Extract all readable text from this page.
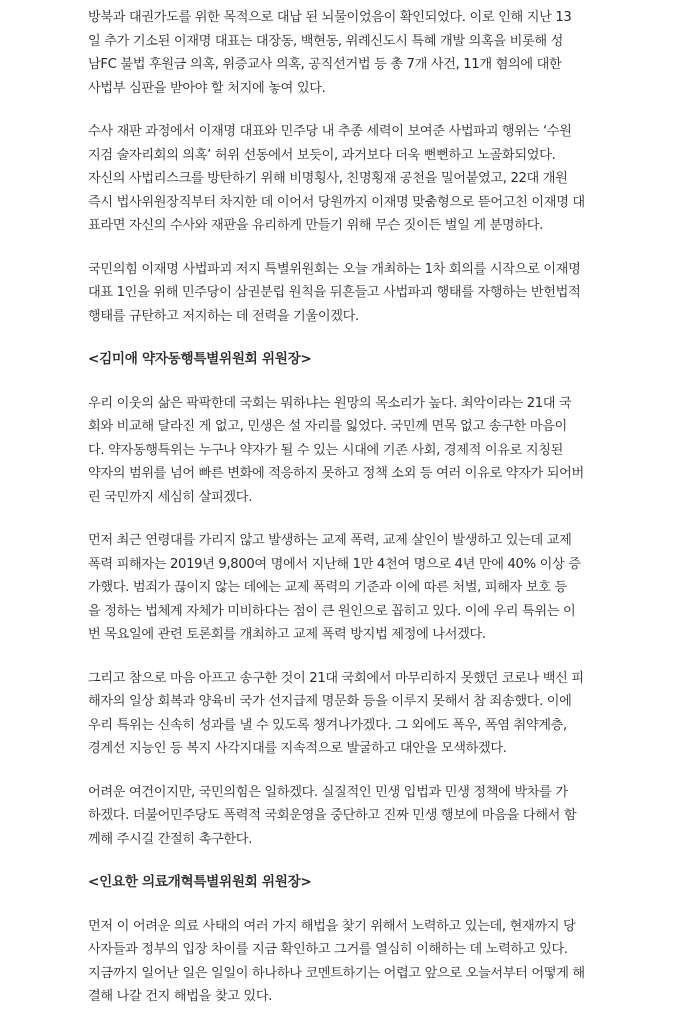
방북과 대권가도를 위한 목적으로 대납 된 뇌물이었음이 확인되었다. 이로 인해 지난 13
일 추가 기소된 이재명 대표는 대장동, 백현동, 위례신도시 특혜 개발 의혹을 비롯해 성
남FC 불법 후원금 의혹, 위증교사 의혹, 공직선거법 등 총 7개 사건, 11개 혐의에 대한
사법부 심판을 받아야 할 처지에 놓여 있다.
수사 재판 과정에서 이재명 대표와 민주당 내 추종 세력이 보여준 사법파괴 행위는 ‘수원
지검 술자리회의 의혹’ 허위 선동에서 보듯이, 과거보다 더욱 뻔뻔하고 노골화되었다.
자신의 사법리스크를 방탄하기 위해 비명횡사, 친명횡재 공천을 밀어붙였고, 22대 개원
즉시 법사위원장직부터 차지한 데 이어서 당원까지 이재명 맞춤형으로 뜯어고친 이재명 대
표라면 자신의 수사와 재판을 유리하게 만들기 위해 무슨 짓이든 벌일 게 분명하다.
국민의힘 이재명 사법파괴 저지 특별위원회는 오늘 개최하는 1차 회의를 시작으로 이재명
대표 1인을 위해 민주당이 삼권분립 원칙을 뒤흔들고 사법파괴 행태를 자행하는 반헌법적
행태를 규탄하고 저지하는 데 전력을 기울이겠다.
<김미애 약자동행특별위원회 위원장>
우리 이웃의 삶은 팍팍한데 국회는 뭐하냐는 원망의 목소리가 높다. 최악이라는 21대 국
회와 비교해 달라진 게 없고, 민생은 설 자리를 잃었다. 국민께 면목 없고 송구한 마음이
다. 약자동행특위는 누구나 약자가 될 수 있는 시대에 기존 사회, 경제적 이유로 지칭된
약자의 범위를 넘어 빠른 변화에 적응하지 못하고 정책 소외 등 여러 이유로 약자가 되어버
린 국민까지 세심히 살피겠다.
먼저 최근 연령대를 가리지 않고 발생하는 교제 폭력, 교제 살인이 발생하고 있는데 교제
폭력 피해자는 2019년 9,800여 명에서 지난해 1만 4천여 명으로 4년 만에 40% 이상 증
가했다. 범죄가 끊이지 않는 데에는 교제 폭력의 기준과 이에 따른 처벌, 피해자 보호 등
을 정하는 법체계 자체가 미비하다는 점이 큰 원인으로 꼽히고 있다. 이에 우리 특위는 이
번 목요일에 관련 토론회를 개최하고 교제 폭력 방지법 제정에 나서겠다.
그리고 참으로 마음 아프고 송구한 것이 21대 국회에서 마무리하지 못했던 코로나 백신 피
해자의 일상 회복과 양육비 국가 선지급제 명문화 등을 이루지 못해서 참 죄송했다. 이에
우리 특위는 신속히 성과를 낼 수 있도록 챙겨나가겠다. 그 외에도 폭우, 폭염 취약계층,
경계선 지능인 등 복지 사각지대를 지속적으로 발굴하고 대안을 모색하겠다.
어려운 여건이지만, 국민의힘은 일하겠다. 실질적인 민생 입법과 민생 정책에 박차를 가
하겠다. 더불어민주당도 폭력적 국회운영을 중단하고 진짜 민생 행보에 마음을 다해서 함
께해 주시길 간절히 촉구한다.
<인요한 의료개혁특별위원회 위원장>
먼저 이 어려운 의료 사태의 여러 가지 해법을 찾기 위해서 노력하고 있는데, 현재까지 당
사자들과 정부의 입장 차이를 지금 확인하고 그거를 열심히 이해하는 데 노력하고 있다.
지금까지 일어난 일은 일일이 하나하나 코멘트하기는 어렵고 앞으로 오늘서부터 어떻게 해
결해 나갈 건지 해법을 찾고 있다.
